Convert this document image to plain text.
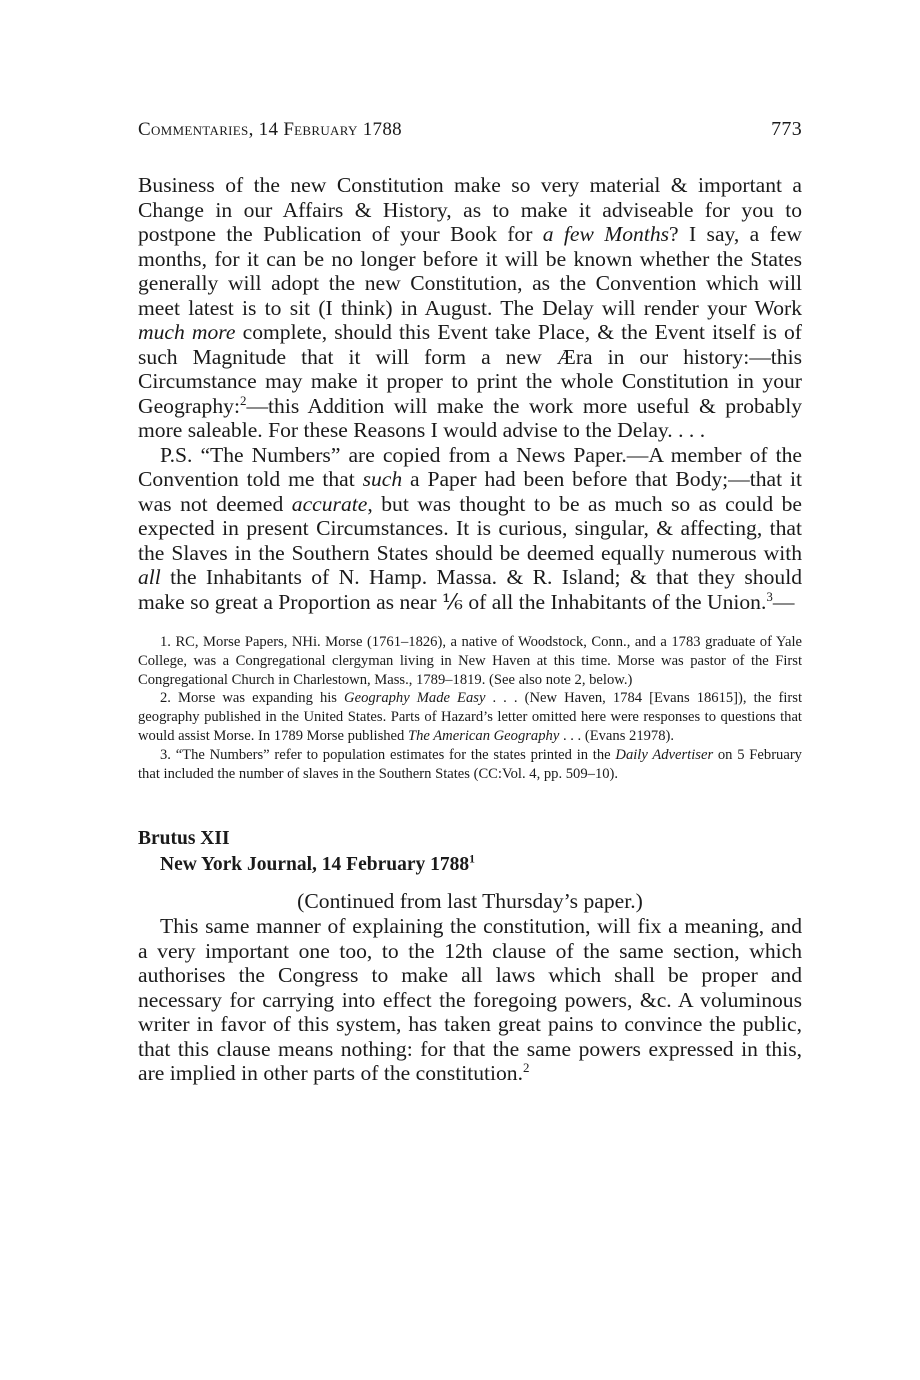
Commentaries, 14 February 1788	773

Business of the new Constitution make so very material & important a Change in our Affairs & History, as to make it adviseable for you to postpone the Publication of your Book for a few Months? I say, a few months, for it can be no longer before it will be known whether the States generally will adopt the new Constitution, as the Convention which will meet latest is to sit (I think) in August. The Delay will render your Work much more complete, should this Event take Place, & the Event itself is of such Magnitude that it will form a new Æra in our history:—this Circumstance may make it proper to print the whole Constitution in your Geography:$^2$—this Addition will make the work more useful & probably more saleable. For these Reasons I would advise to the Delay. . . .

P.S. “The Numbers” are copied from a News Paper.—A member of the Convention told me that such a Paper had been before that Body;—that it was not deemed accurate, but was thought to be as much so as could be expected in present Circumstances. It is curious, singular, & affecting, that the Slaves in the Southern States should be deemed equally numerous with all the Inhabitants of N. Hamp. Massa. & R. Island; & that they should make so great a Proportion as near ⅙ of all the Inhabitants of the Union.$^3$—

1. RC, Morse Papers, NHi. Morse (1761–1826), a native of Woodstock, Conn., and a 1783 graduate of Yale College, was a Congregational clergyman living in New Haven at this time. Morse was pastor of the First Congregational Church in Charlestown, Mass., 1789–1819. (See also note 2, below.)

2. Morse was expanding his Geography Made Easy . . . (New Haven, 1784 [Evans 18615]), the first geography published in the United States. Parts of Hazard’s letter omitted here were responses to questions that would assist Morse. In 1789 Morse published The American Geography . . . (Evans 21978).

3. “The Numbers” refer to population estimates for the states printed in the Daily Advertiser on 5 February that included the number of slaves in the Southern States (CC:Vol. 4, pp. 509–10).

Brutus XII
New York Journal, 14 February 1788$^1$
(Continued from last Thursday’s paper.)

This same manner of explaining the constitution, will fix a meaning, and a very important one too, to the 12th clause of the same section, which authorises the Congress to make all laws which shall be proper and necessary for carrying into effect the foregoing powers, &c. A voluminous writer in favor of this system, has taken great pains to convince the public, that this clause means nothing: for that the same powers expressed in this, are implied in other parts of the constitution.$^2$
